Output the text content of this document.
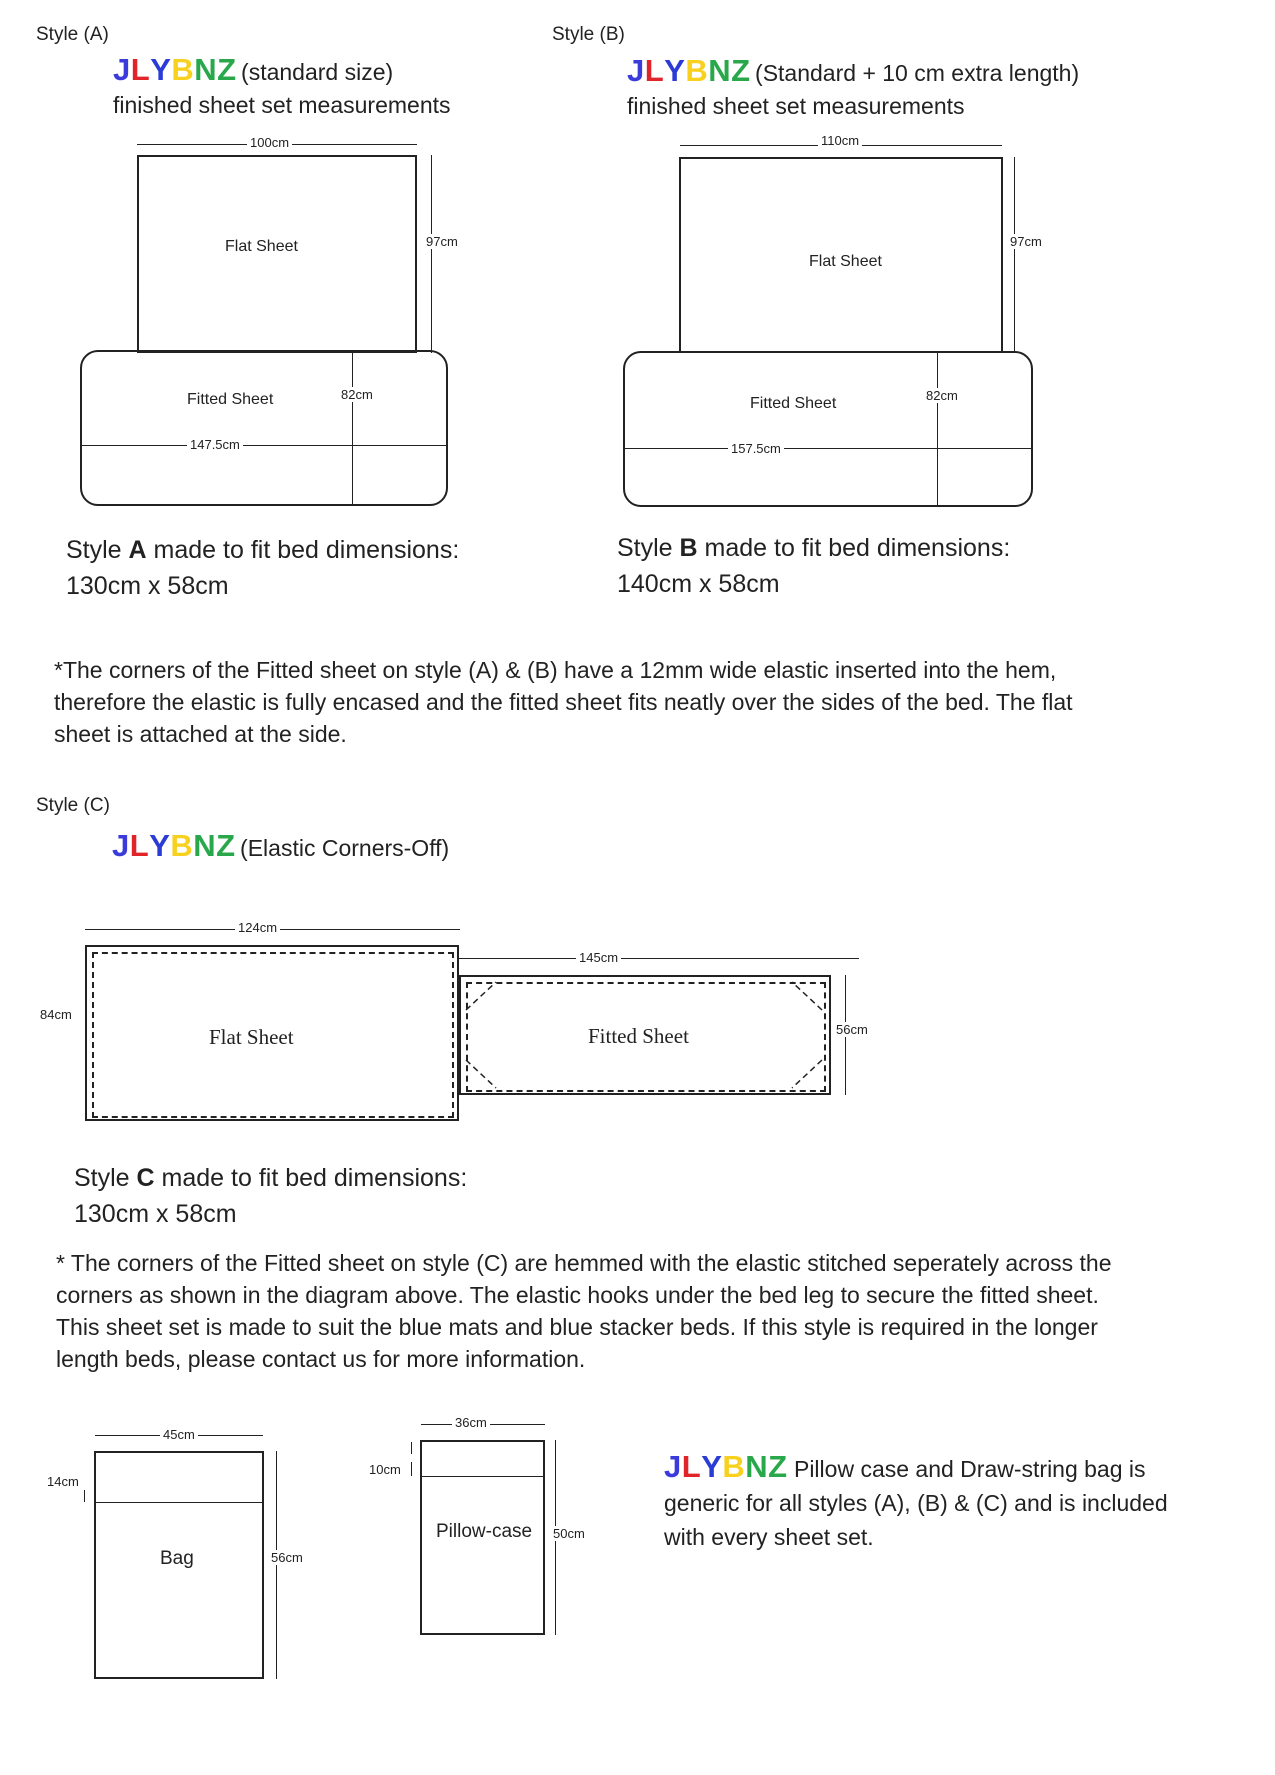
Style (A)
JLYBNZ (standard size)
finished sheet set measurements
100cm
Flat Sheet	97cm
Fitted Sheet	82cm
147.5cm
Style A made to fit bed dimensions:
130cm x 58cm
Style (B)
JLYBNZ (Standard + 10 cm extra length)
finished sheet set measurements
110cm
Flat Sheet
97cm
Fitted Sheet	82cm
157.5cm
Style B made to fit bed dimensions:
140cm x 58cm
*The corners of the Fitted sheet on style (A) & (B) have a 12mm wide elastic inserted into the hem, therefore the elastic is fully encased and the fitted sheet fits neatly over the sides of the bed. The flat sheet is attached at the side.
Style (C)
JLYBNZ (Elastic Corners-Off)
124cm
84cm
Flat Sheet
145cm
56cm
Fitted Sheet
Style C made to fit bed dimensions:
130cm x 58cm
* The corners of the Fitted sheet on style (C) are hemmed with the elastic stitched seperately across the corners as shown in the diagram above. The elastic hooks under the bed leg to secure the fitted sheet. This sheet set is made to suit the blue mats and blue stacker beds. If this style is required in the longer length beds, please contact us for more information.
45cm
14cm
56cm
Bag
36cm
10cm
50cm
Pillow-case
JLYBNZ Pillow case and Draw-string bag is
generic for all styles (A), (B) & (C) and is included
with every sheet set.
